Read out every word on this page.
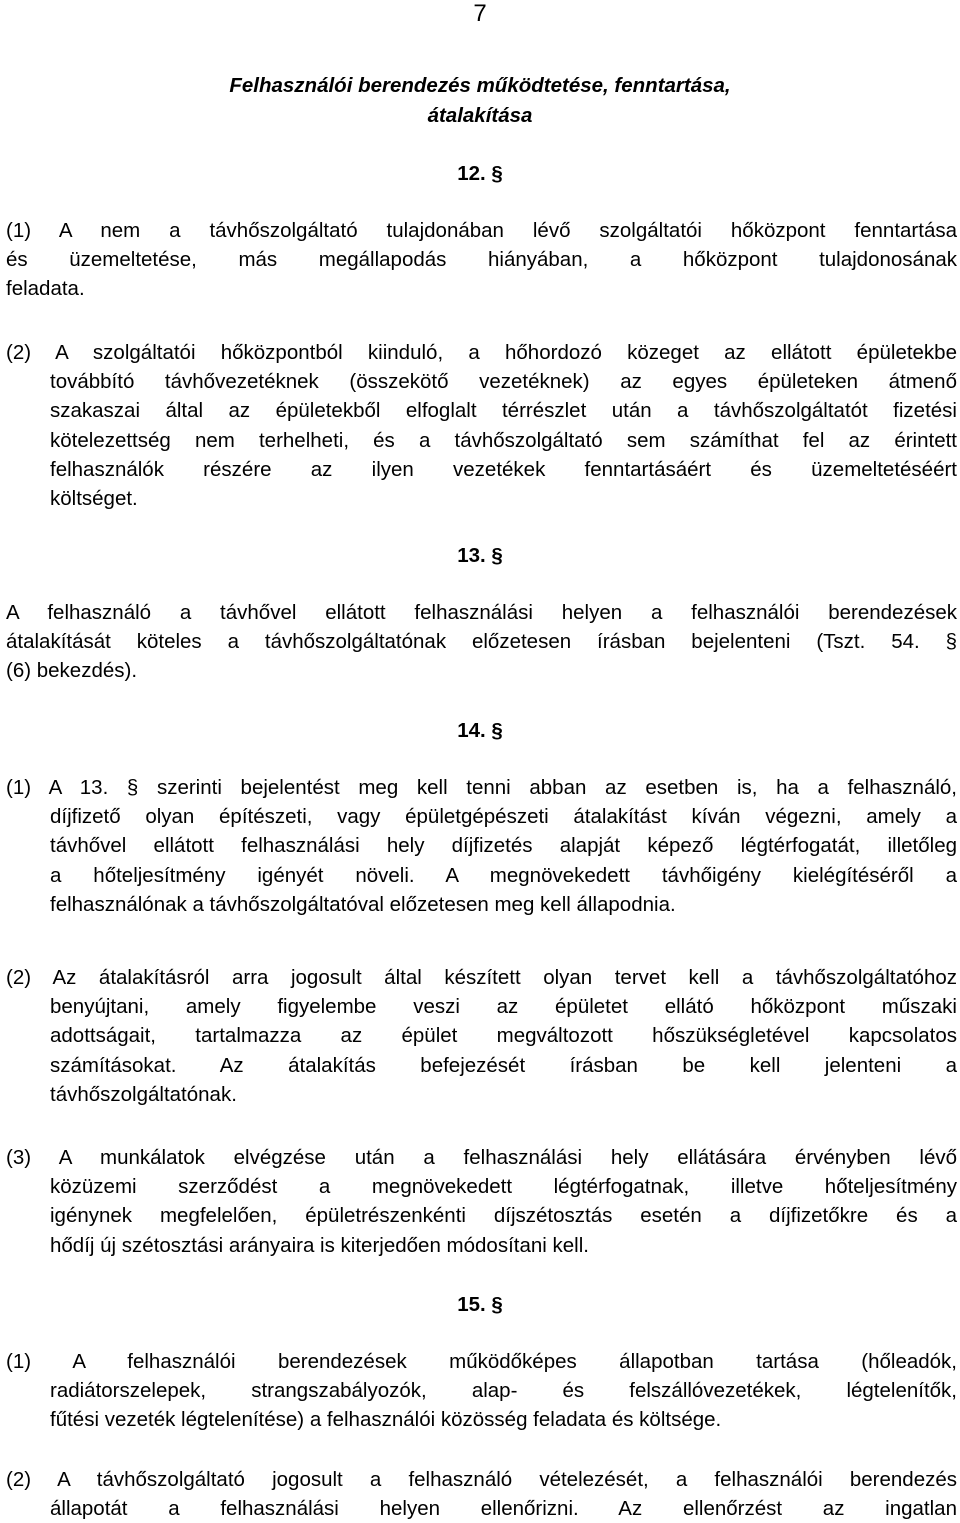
7
Felhasználói berendezés működtetése, fenntartása,
átalakítása
12. §
(1) A nem a távhőszolgáltató tulajdonában lévő szolgáltatói hőközpont fenntartása
és üzemeltetése, más megállapodás hiányában, a hőközpont tulajdonosának
feladata.
(2) A szolgáltatói hőközpontból kiinduló, a hőhordozó közeget az ellátott épületekbe
továbbító távhővezetéknek (összekötő vezetéknek) az egyes épületeken átmenő
szakaszai által az épületekből elfoglalt térrészlet után a távhőszolgáltatót fizetési
kötelezettség nem terhelheti, és a távhőszolgáltató sem számíthat fel az érintett
felhasználók részére az ilyen vezetékek fenntartásáért és üzemeltetéséért
költséget.
13. §
A felhasználó a távhővel ellátott felhasználási helyen a felhasználói berendezések
átalakítását köteles a távhőszolgáltatónak előzetesen írásban bejelenteni (Tszt. 54. §
(6) bekezdés).
14. §
(1) A 13. § szerinti bejelentést meg kell tenni abban az esetben is, ha a felhasználó,
díjfizető olyan építészeti, vagy épületgépészeti átalakítást kíván végezni, amely a
távhővel ellátott felhasználási hely díjfizetés alapját képező légtérfogatát, illetőleg
a hőteljesítmény igényét növeli. A megnövekedett távhőigény kielégítéséről a
felhasználónak a távhőszolgáltatóval előzetesen meg kell állapodnia.
(2) Az átalakításról arra jogosult által készített olyan tervet kell a távhőszolgáltatóhoz
benyújtani, amely figyelembe veszi az épületet ellátó hőközpont műszaki
adottságait, tartalmazza az épület megváltozott hőszükségletével kapcsolatos
számításokat. Az átalakítás befejezését írásban be kell jelenteni a
távhőszolgáltatónak.
(3) A munkálatok elvégzése után a felhasználási hely ellátására érvényben lévő
közüzemi szerződést a megnövekedett légtérfogatnak, illetve hőteljesítmény
igénynek megfelelően, épületrészenkénti díjszétosztás esetén a díjfizetőkre és a
hődíj új szétosztási arányaira is kiterjedően módosítani kell.
15. §
(1) A felhasználói berendezések működőképes állapotban tartása (hőleadók,
radiátorszelepek, strangszabályozók, alap- és felszállóvezetékek, légtelenítők,
fűtési vezeték légtelenítése) a felhasználói közösség feladata és költsége.
(2) A távhőszolgáltató jogosult a felhasználó vételezését, a felhasználói berendezés
állapotát a felhasználási helyen ellenőrizni. Az ellenőrzést az ingatlan
